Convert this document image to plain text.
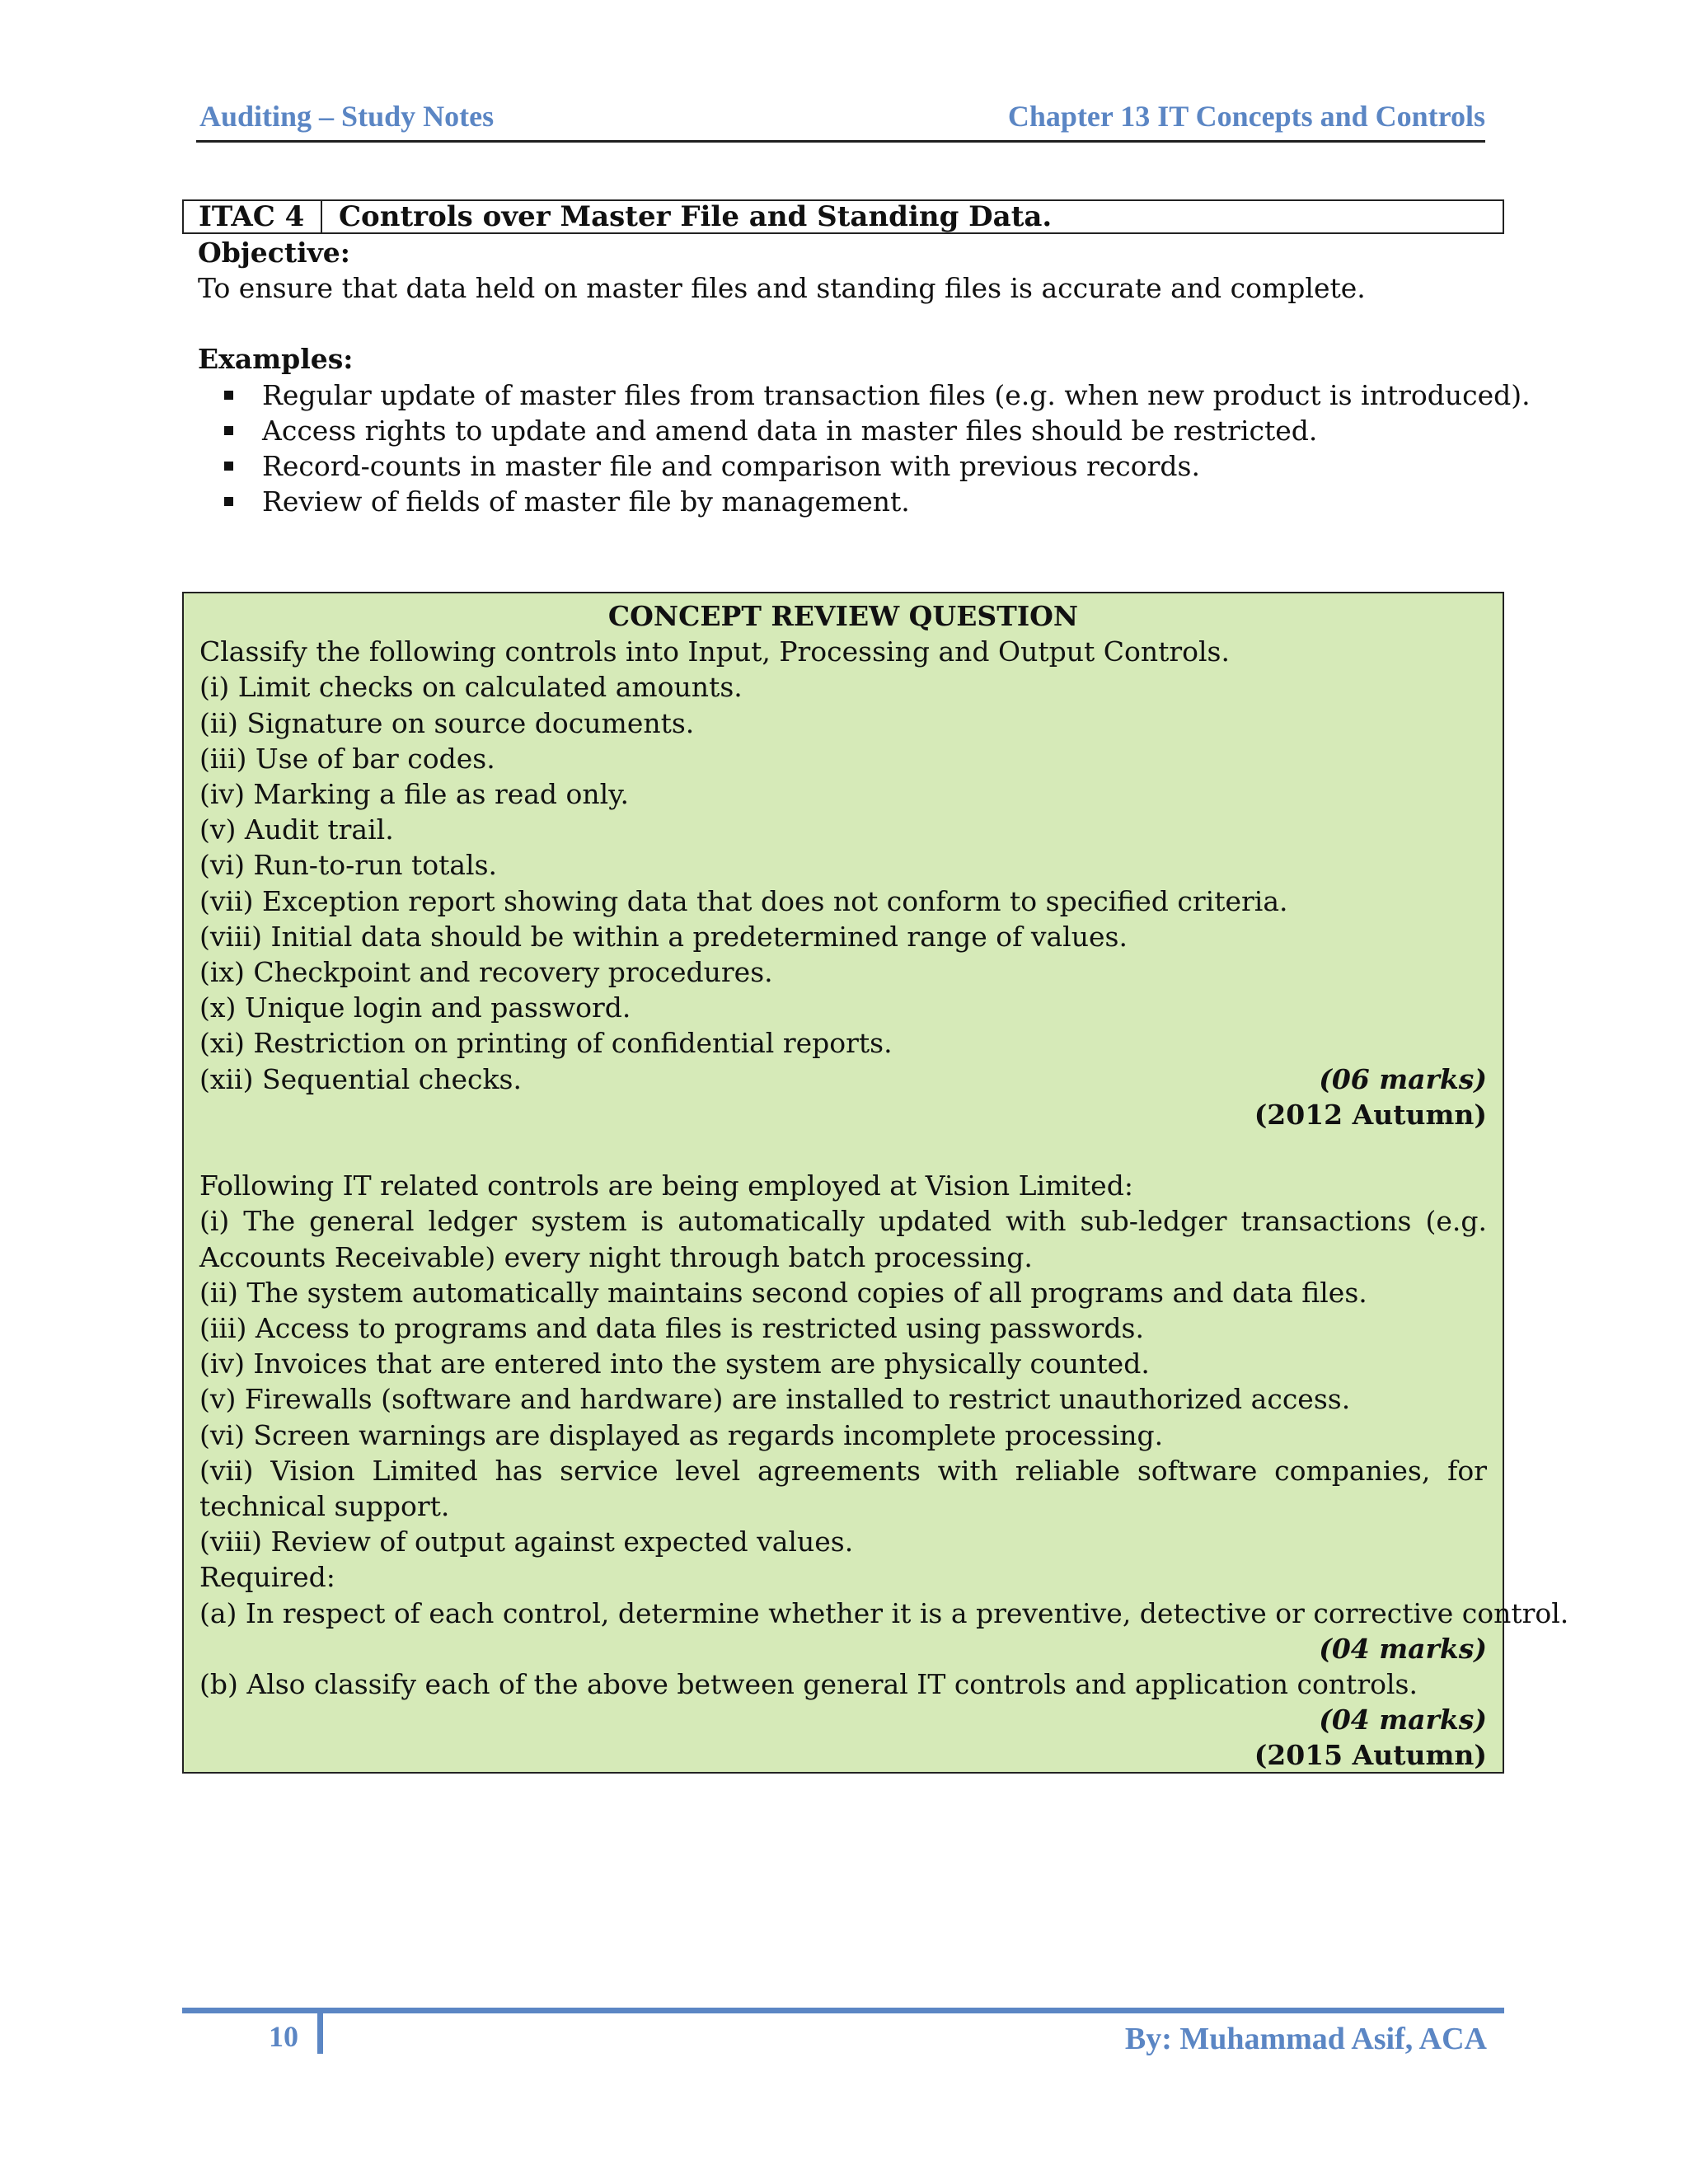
Auditing – Study Notes	Chapter 13 IT Concepts and Controls
ITAC 4	Controls over Master File and Standing Data.
Objective:
To ensure that data held on master files and standing files is accurate and complete.
Examples:
Regular update of master files from transaction files (e.g. when new product is introduced).
Access rights to update and amend data in master files should be restricted.
Record-counts in master file and comparison with previous records.
Review of fields of master file by management.
CONCEPT REVIEW QUESTION
Classify the following controls into Input, Processing and Output Controls.
(i) Limit checks on calculated amounts.
(ii) Signature on source documents.
(iii) Use of bar codes.
(iv) Marking a file as read only.
(v) Audit trail.
(vi) Run-to-run totals.
(vii) Exception report showing data that does not conform to specified criteria.
(viii) Initial data should be within a predetermined range of values.
(ix) Checkpoint and recovery procedures.
(x) Unique login and password.
(xi) Restriction on printing of confidential reports.
(06 marks)
(xii) Sequential checks.
(2012 Autumn)
Following IT related controls are being employed at Vision Limited:
(i) The general ledger system is automatically updated with sub-ledger transactions (e.g. Accounts Receivable) every night through batch processing.
(ii) The system automatically maintains second copies of all programs and data files.
(iii) Access to programs and data files is restricted using passwords.
(iv) Invoices that are entered into the system are physically counted.
(v) Firewalls (software and hardware) are installed to restrict unauthorized access.
(vi) Screen warnings are displayed as regards incomplete processing.
(vii) Vision Limited has service level agreements with reliable software companies, for technical support.
(viii) Review of output against expected values.
Required:
(a) In respect of each control, determine whether it is a preventive, detective or corrective control.
(04 marks)
(b) Also classify each of the above between general IT controls and application controls.
(04 marks)
(2015 Autumn)
10	By: Muhammad Asif, ACA
